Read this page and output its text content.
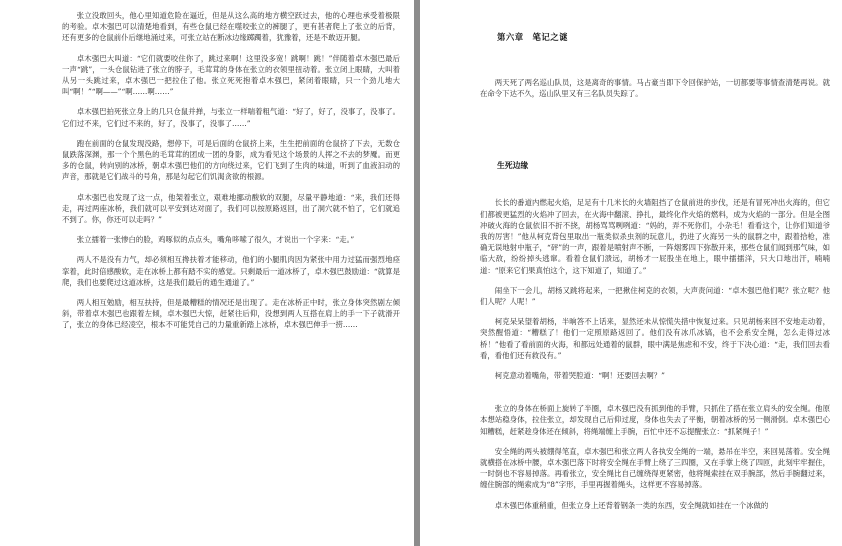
张立没敢回头，他心里知道危险在逼近，但是从这么高的地方横空跃过去，他的心理也承受着极限的考验。卓木强巴可以清楚地看到，有些仓鼠已经在噬咬张立的裤腿了，更有甚者爬上了张立的后背，还有更多的仓鼠前仆后继地涌过来，可张立站在断冰边缘踯躅着，犹豫着，还是不敢迈开腿。

卓木强巴大叫道：“它们就要咬住你了，跳过来啊！这里没多宽！跳啊！跳！”伴随着卓木强巴最后一声“跳”，一头仓鼠钻进了张立的脖子，毛茸茸的身体在张立的衣领里扭动着。张立闭上眼睛，大叫着从另一头跳过来，卓木强巴一把拉住了他。张立死死抱着卓木强巴，紧闭着眼睛，只一个劲儿地大叫“啊！”“啊——”“啊……啊……”

卓木强巴拍死张立身上的几只仓鼠并掸，与张立一样喘着粗气道：“好了，好了，没事了，没事了。它们过不来，它们过不来的，好了，没事了，没事了……”

跑在前面的仓鼠发现没路，想停下，可是后面的仓鼠挤上来，生生把前面的仓鼠挤了下去，无数仓鼠跌落深渊，那一个个黑色的毛茸茸的团成一团的身影，成为看见这个场景的人挥之不去的梦魇。而更多的仓鼠，转向别的冰桥，朝卓木强巴他们的方向绕过来，它们飞到了生肉的味道，听到了血液汩动的声音，那就是它们战斗的号角，那是勾起它们饥渴贪欲的根源。

卓木强巴也发现了这一点，他架着张立，艰难地挪动酸软的双腿，尽量平静地道：“来，我们还得走，再过两座冰桥，我们就可以平安到达对面了，我们可以按原路返回，出了洞穴就不怕了，它们就追不到了。你，你还可以走吗？”

张立擂着一张惨白的脸，鸡啄似的点点头，嘴角哆嗦了很久，才说出一个字来：“走。”

两人不是没有力气，却必须相互搀扶着才能移动，他们的小腿肌肉因为紧张中用力过猛而强烈地痉挛着，此时倍感酸软，走在冰桥上都有踏不实的感觉。只剩最后一道冰桥了，卓木强巴鼓励道：“就算是爬，我们也要爬过这道冰桥，这是我们最后的通生通道了。”

两人相互勉励，相互扶持，但是最糟糕的情况还是出现了。走在冰桥正中时，张立身体突然剧左倾斜，带着卓木强巴也跟着左倾，卓木强巴大惊，赶紧往后仰，没想到两人互搭在肩上的手一下子就滑开了，张立的身体已经凌空，根本不可能凭自己的力量重新踏上冰桥，卓木强巴伸手一捞……

第六章　笔记之谜

两天死了两名巡山队员，这是离奇的事情。马占豪当即下令回保护站，一切都要等事情查清楚再说。就在命令下达不久，巡山队里又有三名队员失踪了。

生死边缘

长长的番道内燃起火焰，足足有十几米长的火墙阻挡了仓鼠前进的步伐，还是有冒死冲出火海的，但它们都被更猛烈的火焰冲了回去，在火海中翻滚、挣扎，最终化作火焰的燃料，成为火焰的一部分。但是全图冲破火海的仓鼠依旧不折不挠，胡杨骂骂咧咧道：“妈的，弄不死你们，小杂毛！看看这个，让你们知道爷我的厉害！”他从柯克背包里取出一瓶类似杀虫剂的玩意儿，扔进了火海另一头的鼠群之中，跟着拾枪，准确无误地射中瓶子，“砰”的一声，跟着是喷射声不断，一阵烟雾四下弥散开来，那些仓鼠们闻到那气味，如临大敌，纷纷掉头逃窜。看着仓鼠们溃远，胡杨才一屁股坐在地上，眼中擂擂洋，只大口地出汗，喃喃道：“原来它们果真怕这个，这下知道了，知道了。”

闹坐下一会儿，胡杨又跳将起来，一把揪住柯克的衣领，大声责问道：“卓木强巴他们呢？张立呢？他们人呢？人呢！”

柯克呆呆望着胡杨，半晌答不上话来，显然还未从惊慌失措中恢复过来。只见胡杨来回不安地走动着，突然醒悟道：“糟糕了！他们一定照原路返回了。他们没有冰爪冰镐，也不会系安全绳，怎么走得过冰桥！”他看了看前面的火海，和都远处通着的鼠群，眼中满是焦虑和不安，终于下决心道：“走，我们回去看看，看他们还有救没有。”

柯克意动着嘴角，带着哭腔道：“啊！还要回去啊？”

张立的身体在桥面上旋转了半圈，卓木强巴没有抓到他的手臂，只抓住了搭在张立肩头的安全绳。他原本想站稳身体，拉住张立，却发现自己后仰过度，身体也失去了平衡，朝着冰桥的另一侧滑倒。卓木强巴心知糟糕，赶紧趁身体还在倾斜，将绳端缠上手腕，百忙中还不忘提醒张立：“抓紧绳子！”

安全绳的两头被绷得笔直，卓木强巴和张立两人各执安全绳的一端，悬吊在半空，来回晃荡着。安全绳就横搭在冰桥中腰，卓木强巴落下时将安全绳在手臂上绕了三四圈，又在手掌上绕了四匝，此刻牢牢握住，一时倒也不容易掉落。再看张立，安全绳比自己缠绕得更紧密，他将绳索挂在双手腕部，然后手腕翻过来，缠住腕部的绳索成为“8”字形，手里再握着绳头，这样更不容易掉落。

卓木强巴体重稍重，但张立身上还背着钢条一类的东西，安全绳就如挂在一个冰做的
